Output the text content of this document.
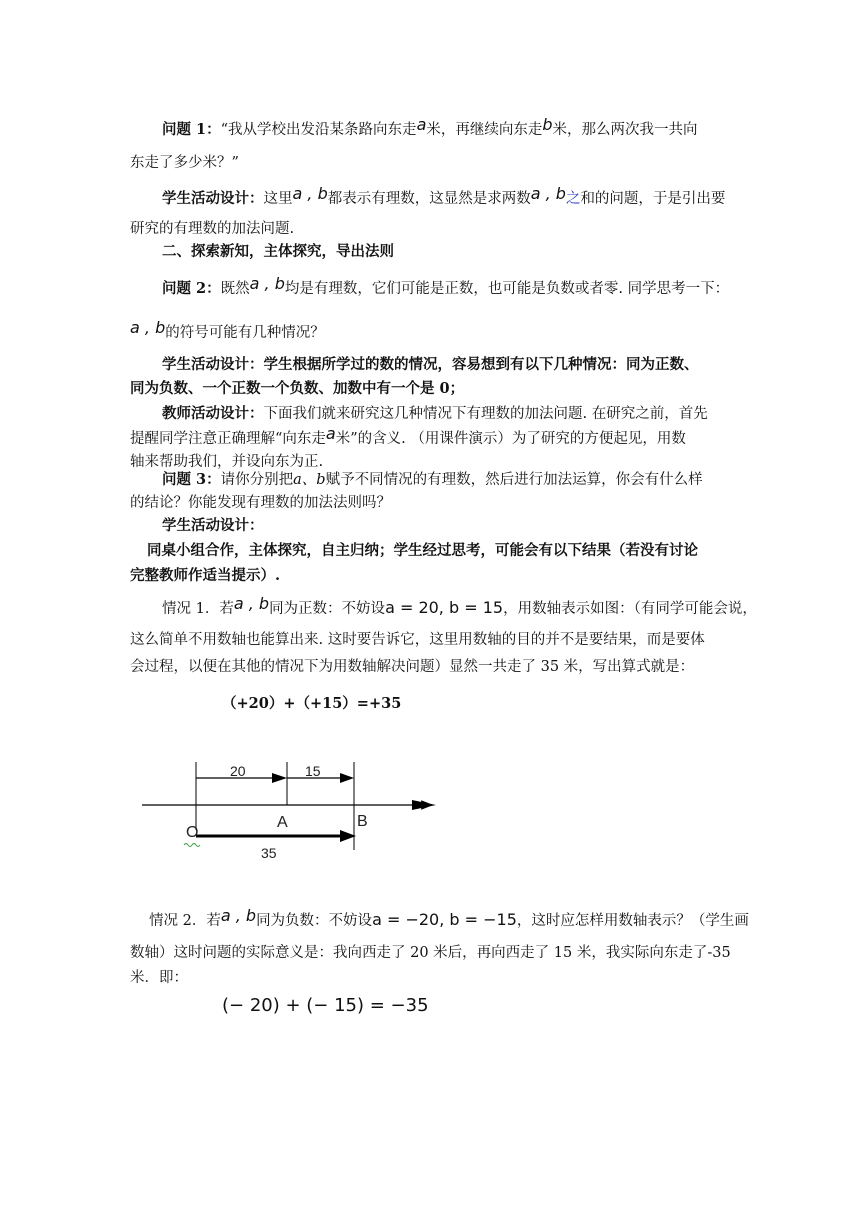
问题 1：“我从学校出发沿某条路向东走a米，再继续向东走b米，那么两次我一共向
东走了多少米？”
学生活动设计：这里a , b都表示有理数，这显然是求两数a , b之和的问题，于是引出要
研究的有理数的加法问题.
二、探索新知，主体探究，导出法则
问题 2：既然a , b均是有理数，它们可能是正数，也可能是负数或者零. 同学思考一下：
a , b的符号可能有几种情况？
学生活动设计：学生根据所学过的数的情况，容易想到有以下几种情况：同为正数、
同为负数、一个正数一个负数、加数中有一个是 0；
教师活动设计：下面我们就来研究这几种情况下有理数的加法问题. 在研究之前，首先
提醒同学注意正确理解“向东走a米”的含义. （用课件演示）为了研究的方便起见，用数
轴来帮助我们，并设向东为正.
问题 3：请你分别把a、b赋予不同情况的有理数，然后进行加法运算，你会有什么样
的结论？你能发现有理数的加法法则吗？
学生活动设计：
同桌小组合作，主体探究，自主归纳；学生经过思考，可能会有以下结果（若没有讨论
完整教师作适当提示）.
情况 1．若a , b同为正数：不妨设a = 20, b = 15，用数轴表示如图：（有同学可能会说，
这么简单不用数轴也能算出来. 这时要告诉它，这里用数轴的目的并不是要结果，而是要体
会过程，以便在其他的情况下为用数轴解决问题）显然一共走了 35 米，写出算式就是：
（+20）+（+15）=+35
20	15
O
A	B
35
情况 2．若a , b同为负数：不妨设a = −20, b = −15，这时应怎样用数轴表示？（学生画
数轴）这时问题的实际意义是：我向西走了 20 米后，再向西走了 15 米，我实际向东走了-35
米．即：
(− 20) + (− 15) = −35
